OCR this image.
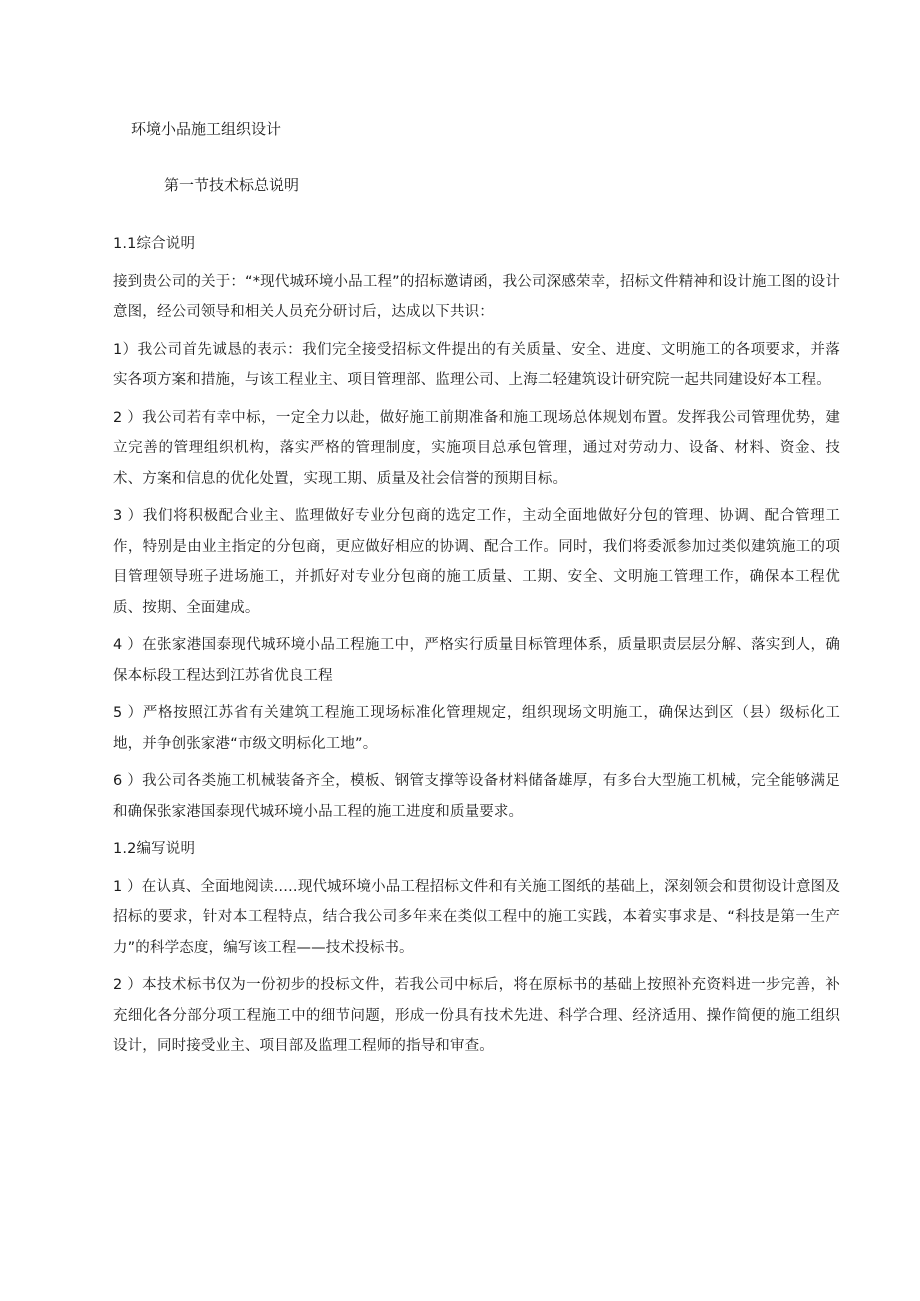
环境小品施工组织设计
第一节技术标总说明

1.1综合说明

接到贵公司的关于：“*现代城环境小品工程”的招标邀请函，我公司深感荣幸，招标文件精神和设计施工图的设计意图，经公司领导和相关人员充分研讨后，达成以下共识：

1）我公司首先诚恳的表示：我们完全接受招标文件提出的有关质量、安全、进度、文明施工的各项要求，并落实各项方案和措施，与该工程业主、项目管理部、监理公司、上海二轻建筑设计研究院一起共同建设好本工程。

2 ）我公司若有幸中标，一定全力以赴，做好施工前期准备和施工现场总体规划布置。发挥我公司管理优势，建立完善的管理组织机构，落实严格的管理制度，实施项目总承包管理，通过对劳动力、设备、材料、资金、技术、方案和信息的优化处置，实现工期、质量及社会信誉的预期目标。

3 ）我们将积极配合业主、监理做好专业分包商的选定工作，主动全面地做好分包的管理、协调、配合管理工作，特别是由业主指定的分包商，更应做好相应的协调、配合工作。同时，我们将委派参加过类似建筑施工的项目管理领导班子进场施工，并抓好对专业分包商的施工质量、工期、安全、文明施工管理工作，确保本工程优质、按期、全面建成。

4 ）在张家港国泰现代城环境小品工程施工中，严格实行质量目标管理体系，质量职责层层分解、落实到人，确保本标段工程达到江苏省优良工程

5 ）严格按照江苏省有关建筑工程施工现场标准化管理规定，组织现场文明施工，确保达到区（县）级标化工地，并争创张家港“市级文明标化工地”。

6 ）我公司各类施工机械装备齐全，模板、钢管支撑等设备材料储备雄厚，有多台大型施工机械，完全能够满足和确保张家港国泰现代城环境小品工程的施工进度和质量要求。

1.2编写说明

1 ）在认真、全面地阅读..…现代城环境小品工程招标文件和有关施工图纸的基础上，深刻领会和贯彻设计意图及招标的要求，针对本工程特点，结合我公司多年来在类似工程中的施工实践，本着实事求是、“科技是第一生产力”的科学态度，编写该工程——技术投标书。

2 ）本技术标书仅为一份初步的投标文件，若我公司中标后，将在原标书的基础上按照补充资料进一步完善，补充细化各分部分项工程施工中的细节问题，形成一份具有技术先进、科学合理、经济适用、操作简便的施工组织设计，同时接受业主、项目部及监理工程师的指导和审查。
